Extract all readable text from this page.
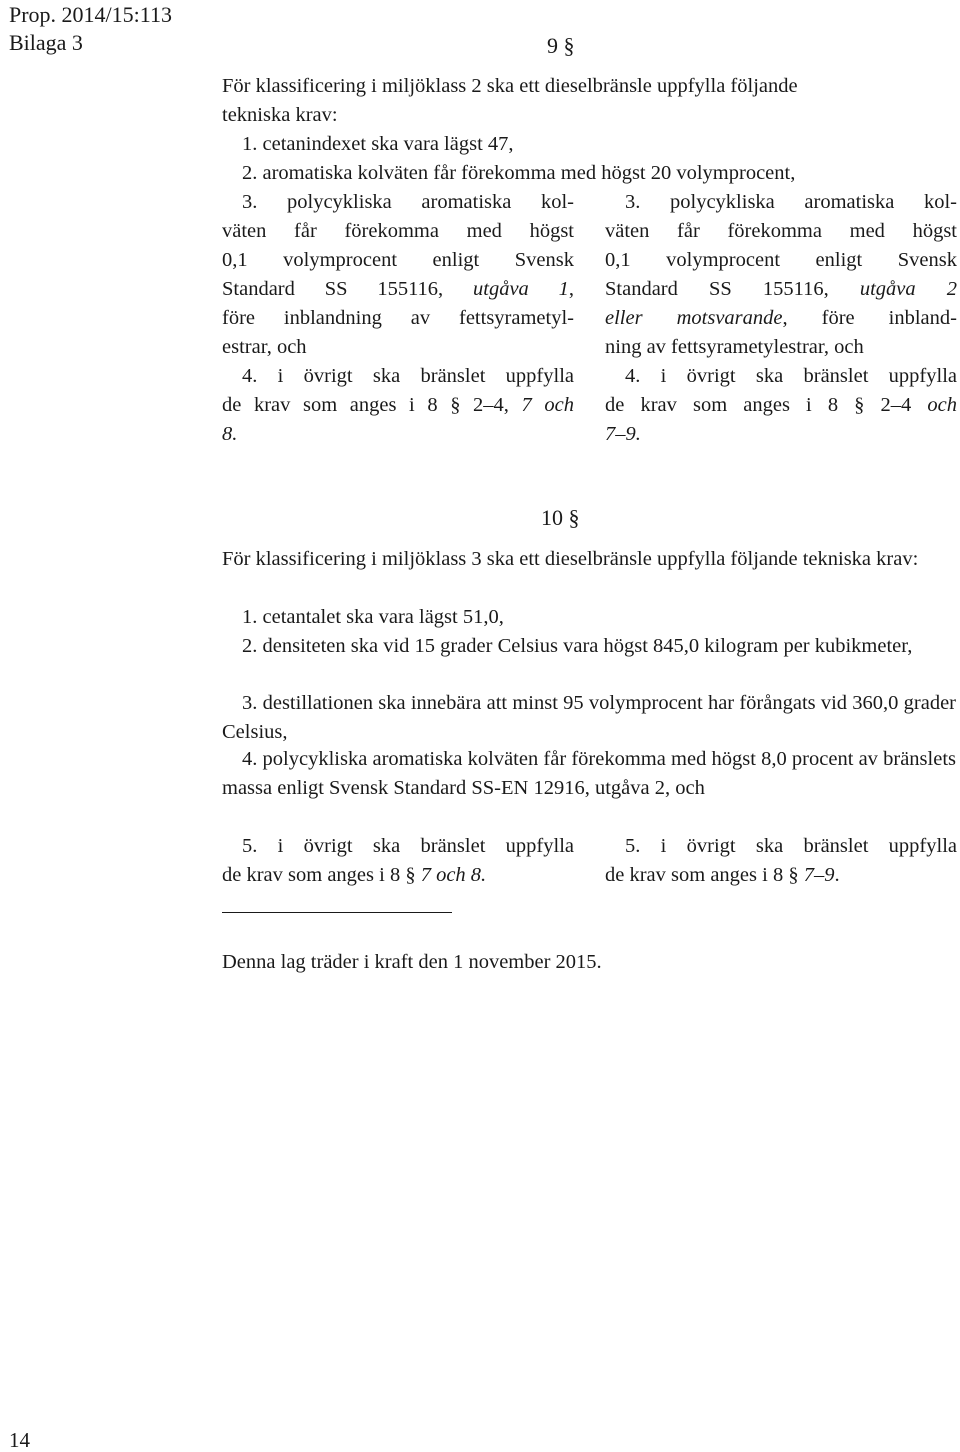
Prop. 2014/15:113
Bilaga 3	9 §
För klassificering i miljöklass 2 ska ett dieselbränsle uppfylla följande
tekniska krav:
1. cetanindexet ska vara lägst 47,
2. aromatiska kolväten får förekomma med högst 20 volymprocent,

3. polycykliska aromatiska kol-

väten får förekomma med högst

0,1 volymprocent enligt Svensk

Standard SS 155116, utgåva 1,

före inblandning av fettsyrametyl-

estrar, och

4. i övrigt ska bränslet uppfylla

de krav som anges i 8 § 2–4, 7 och

8.

3. polycykliska aromatiska kol-

väten får förekomma med högst

0,1 volymprocent enligt Svensk

Standard SS 155116, utgåva 2

eller motsvarande, före inbland-

ning av fettsyrametylestrar, och

4. i övrigt ska bränslet uppfylla

de krav som anges i 8 § 2–4 och

7–9.

10 §

För klassificering i miljöklass 3 ska ett dieselbränsle uppfylla följande tekniska krav:

1. cetantalet ska vara lägst 51,0,

2. densiteten ska vid 15 grader Celsius vara högst 845,0 kilogram per kubikmeter,

3. destillationen ska innebära att minst 95 volymprocent har förångats vid 360,0 grader Celsius,

4. polycykliska aromatiska kolväten får förekomma med högst 8,0 procent av bränslets massa enligt Svensk Standard SS-EN 12916, utgåva 2, och

5. i övrigt ska bränslet uppfylla

de krav som anges i 8 § 7 och 8.

5. i övrigt ska bränslet uppfylla

de krav som anges i 8 § 7–9.

Denna lag träder i kraft den 1 november 2015.
14
